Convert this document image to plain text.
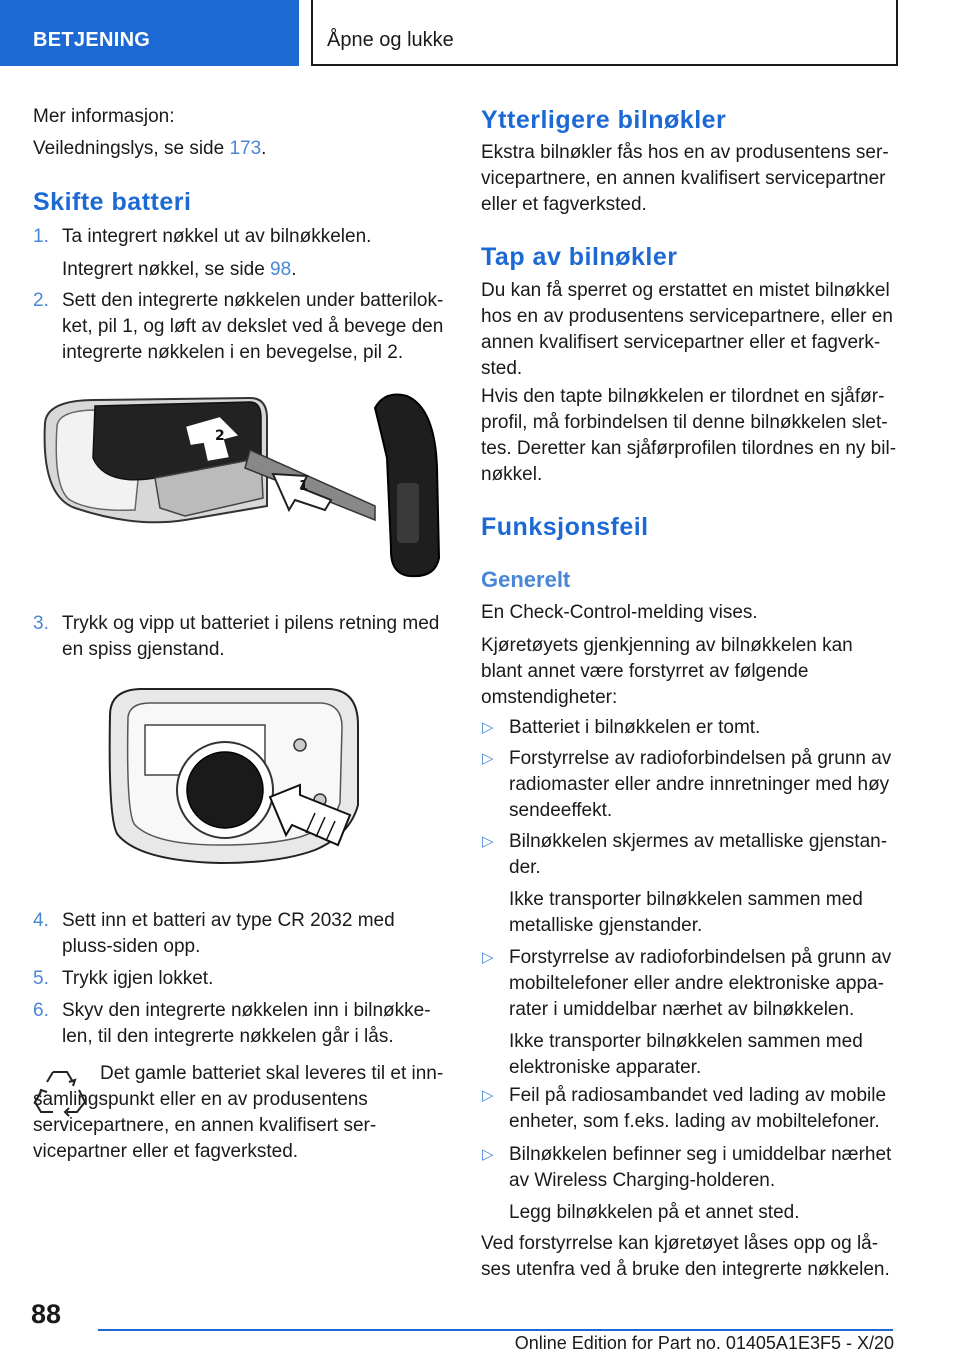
BETJENING	Åpne og lukke

Mer informasjon:

Veiledningslys, se side 173.

Skifte batteri
1. Ta integrert nøkkel ut av bilnøkkelen.

Integrert nøkkel, se side 98.

2. Sett den integrerte nøkkelen under batterilokket, pil 1, og løft av dekslet ved å bevege den integrerte nøkkelen i en bevegelse, pil 2.

2
1
3. Trykk og vipp ut batteriet i pilens retning med en spiss gjenstand.

4. Sett inn et batteri av type CR 2032 med pluss-siden opp.

5. Trykk igjen lokket.

6. Skyv den integrerte nøkkelen inn i bilnøkkelen, til den integrerte nøkkelen går i lås.

Det gamle batteriet skal leveres til et innsamlingspunkt eller en av produsentens servicepartnere, en annen kvalifisert servicepartner eller et fagverksted.

Ytterligere bilnøkler

Ekstra bilnøkler fås hos en av produsentens servicepartnere, en annen kvalifisert servicepartner eller et fagverksted.

Tap av bilnøkler

Du kan få sperret og erstattet en mistet bilnøkkel hos en av produsentens servicepartnere, eller en annen kvalifisert servicepartner eller et fagverksted.

Hvis den tapte bilnøkkelen er tilordnet en sjåførprofil, må forbindelsen til denne bilnøkkelen slettes. Deretter kan sjåførprofilen tilordnes en ny bilnøkkel.

Funksjonsfeil
Generelt

En Check-Control-melding vises.

Kjøretøyets gjenkjenning av bilnøkkelen kan blant annet være forstyrret av følgende omstendigheter:

▷ Batteriet i bilnøkkelen er tomt.

▷ Forstyrrelse av radioforbindelsen på grunn av radiomaster eller andre innretninger med høy sendeeffekt.

▷ Bilnøkkelen skjermes av metalliske gjenstander.

Ikke transporter bilnøkkelen sammen med metalliske gjenstander.

▷ Forstyrrelse av radioforbindelsen på grunn av mobiltelefoner eller andre elektroniske apparater i umiddelbar nærhet av bilnøkkelen.

Ikke transporter bilnøkkelen sammen med elektroniske apparater.

▷ Feil på radiosambandet ved lading av mobile enheter, som f.eks. lading av mobiltelefoner.

▷ Bilnøkkelen befinner seg i umiddelbar nærhet av Wireless Charging-holderen.

Legg bilnøkkelen på et annet sted.

Ved forstyrrelse kan kjøretøyet låses opp og låses utenfra ved å bruke den integrerte nøkkelen.

88
Online Edition for Part no. 01405A1E3F5 - X/20
